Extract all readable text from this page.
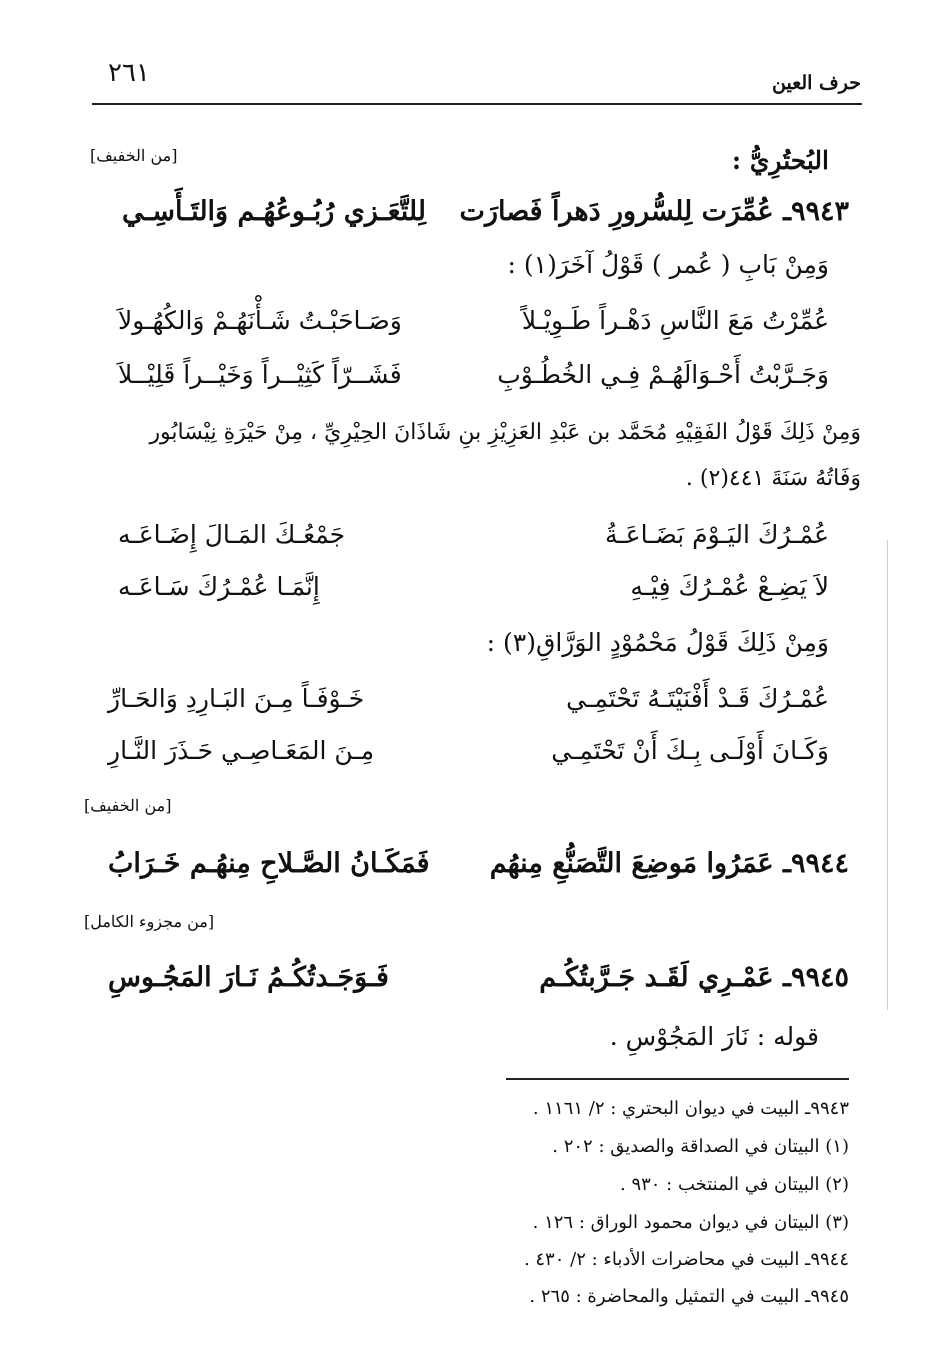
٢٦١	حرف العين
[من الخفيف]	البُحتُرِيُّ :
٩٩٤٣ـ عُمِّرَت لِلسُّرورِ دَهراً فَصارَت
لِلتَّعَـزي رُبُـوعُهُـم وَالتَـأَسِـي
وَمِنْ بَابِ ( عُمر ) قَوْلُ آخَرَ(١) :
عُمِّرْتُ مَعَ النَّاسِ دَهْـراً طَـوِيْـلاً
وَصَـاحَبْـتُ شَـأْنَهُـمْ وَالكُهُـولاَ
وَجَـرَّبْتُ أَحْـوَالَهُـمْ فِـي الخُطُـوْبِ
فَشَــرّاً كَثِيْــراً وَخَيْــراً قَلِيْــلاَ
وَمِنْ ذَلِكَ قَوْلُ الفَقِيْهِ مُحَمَّد بن عَبْدِ العَزِيْزِ بنِ شَاذَانَ الحِيْرِيِّ ، مِنْ حَيْرَةِ نِيْسَابُور
وَفَاتُهُ سَنَةَ ٤٤١(٢) .
عُمْـرُكَ اليَـوْمَ بَضَـاعَـةُ
جَمْعُـكَ المَـالَ إِضَـاعَـه
لاَ يَضِـعْ عُمْـرُكَ فِيْـهِ
إِنَّمَـا عُمْـرُكَ سَـاعَـه
وَمِنْ ذَلِكَ قَوْلُ مَحْمُوْدٍ الوَرَّاقِ(٣) :
عُمْـرُكَ قَـدْ أَفْنَيْتَـهُ تَحْتَمِـي
خَـوْفَـاً مِـنَ البَـارِدِ وَالحَـارِّ
وَكَـانَ أَوْلَـى بِـكَ أَنْ تَحْتَمِـي
مِـنَ المَعَـاصِـي حَـذَرَ النَّـارِ
[من الخفيف]
٩٩٤٤ـ عَمَرُوا مَوضِعَ التَّصَنُّعِ مِنهُم
فَمَكَـانُ الصَّـلاحِ مِنهُـم خَـرَابُ
[من مجزوء الكامل]
٩٩٤٥ـ عَمْـرِي لَقَـد جَـرَّبتُكُـم
فَـوَجَـدتُكُـمُ نَـارَ المَجُـوسِ
قوله : نَارَ المَجُوْسِ .
٩٩٤٣ـ البيت في ديوان البحتري : ٢/ ١١٦١ .
(١) البيتان في الصداقة والصديق : ٢٠٢ .
(٢) البيتان في المنتخب : ٩٣٠ .
(٣) البيتان في ديوان محمود الوراق : ١٢٦ .
٩٩٤٤ـ البيت في محاضرات الأدباء : ٢/ ٤٣٠ .
٩٩٤٥ـ البيت في التمثيل والمحاضرة : ٢٦٥ .
